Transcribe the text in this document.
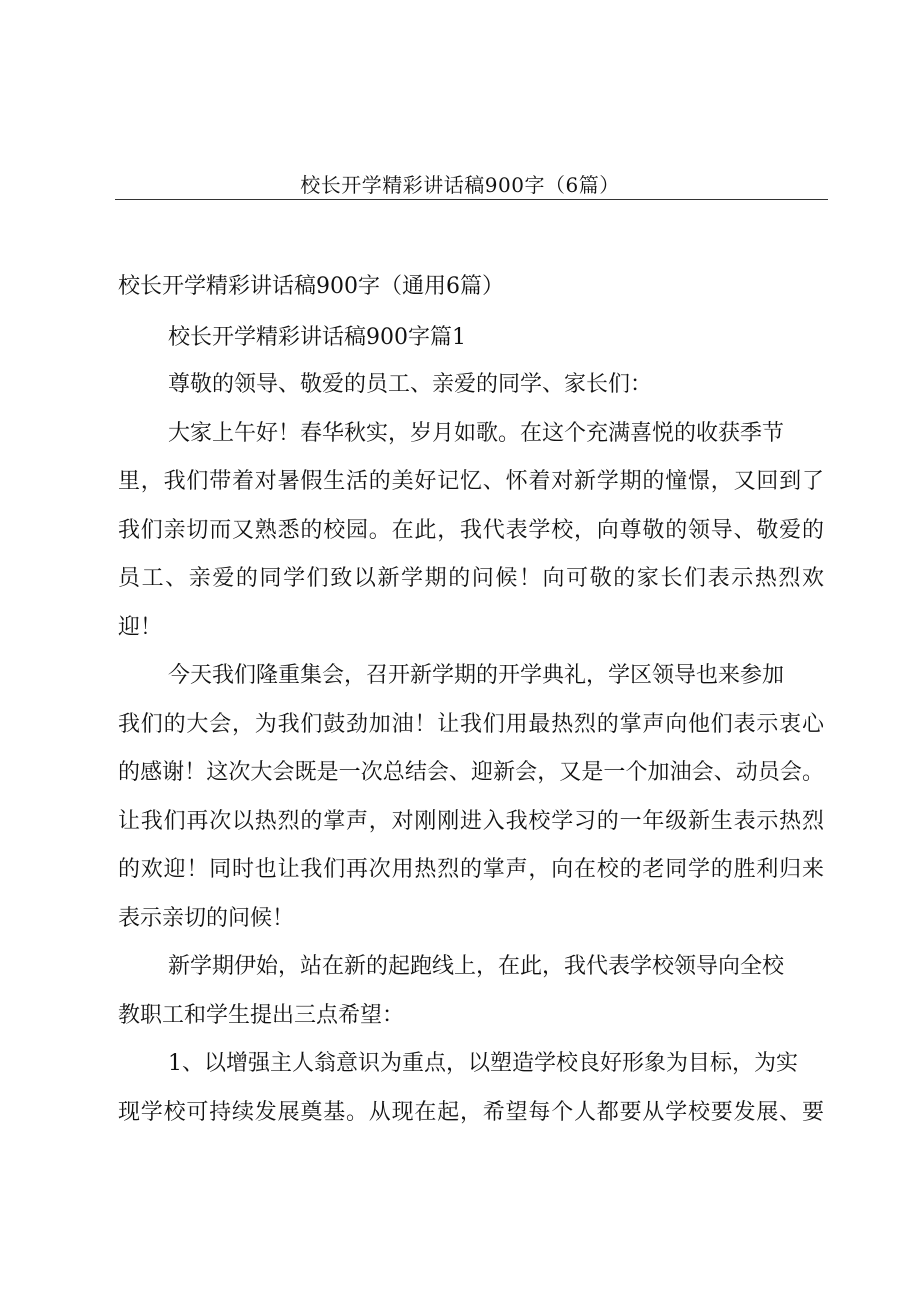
校长开学精彩讲话稿900字（6篇）
校长开学精彩讲话稿900字（通用6篇）
校长开学精彩讲话稿900字篇1
尊敬的领导、敬爱的员工、亲爱的同学、家长们：
大家上午好！春华秋实，岁月如歌。在这个充满喜悦的收获季节
里，我们带着对暑假生活的美好记忆、怀着对新学期的憧憬，又回到了
我们亲切而又熟悉的校园。在此，我代表学校，向尊敬的领导、敬爱的
员工、亲爱的同学们致以新学期的问候！向可敬的家长们表示热烈欢
迎！
今天我们隆重集会，召开新学期的开学典礼，学区领导也来参加
我们的大会，为我们鼓劲加油！让我们用最热烈的掌声向他们表示衷心
的感谢！这次大会既是一次总结会、迎新会，又是一个加油会、动员会。
让我们再次以热烈的掌声，对刚刚进入我校学习的一年级新生表示热烈
的欢迎！同时也让我们再次用热烈的掌声，向在校的老同学的胜利归来
表示亲切的问候！
新学期伊始，站在新的起跑线上，在此，我代表学校领导向全校
教职工和学生提出三点希望：
1、以增强主人翁意识为重点，以塑造学校良好形象为目标，为实
现学校可持续发展奠基。从现在起，希望每个人都要从学校要发展、要
